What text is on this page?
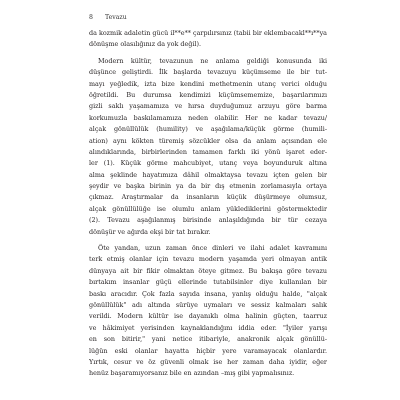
8 Tevazu
da kozmik adaletin gücü il**e** çarpılırsınız (tabii bir eklembacakl**ı**ya
dönüşme olasılığınız da yok değil).
Modern kültür, tevazunun ne anlama geldiği konusunda iki
düşünce geliştirdi. İlk başlarda tevazuyu küçümseme ile bir tut-
mayı yeğledik, izta bize kendini methetmenin utanç verici olduğu
öğretildi. Bu durumsa kendimizi küçümsememize, başarılarımızı
gizli saklı yaşamamıza ve hırsa duyduğumuz arzuyu göre barma
korkumuzla baskılamamıza neden olabilir. Her ne kadar tevazu/
alçak gönüllülük (humility) ve aşağılama/küçük görme (humili-
ation) aynı kökten türemiş sözcükler olsa da anlam açısından ele
alındıklarında, birbirlerinden tamamen farklı iki yönü işaret eder-
ler (1). Küçük görme mahcubiyet, utanç veya boyunduruk altına
alma şeklinde hayatımıza dâhil olmaktaysa tevazu içten gelen bir
şeydir ve başka birinin ya da bir dış etmenin zorlamasıyla ortaya
çıkmaz. Araştırmalar da insanların küçük düşürmeye olumsuz,
alçak gönüllülüğe ise olumlu anlam yüklediklerini göstermektedir
(2). Tevazu aşağılanmış birisinde anlaşıldığında bir tür cezaya
dönüşür ve ağırda ekşi bir tat bırakır.
Öte yandan, uzun zaman önce dinleri ve ilahi adalet kavramını
terk etmiş olanlar için tevazu modern yaşamda yeri olmayan antik
dünyaya ait bir fikir olmaktan öteye gitmez. Bu bakışa göre tevazu
bırtakım insanlar güçü ellerinde tutabilsinler diye kullanılan bir
baskı aracıdır. Çok fazla sayıda insana, yanlış olduğu halde, "alçak
gönüllülük" adı altında sürüye uymaları ve sessiz kalmaları salık
verildi. Modern kültür ise dayanıklı olma halinin güçten, taarruz
ve hâkimiyet yerisinden kaynaklandığını iddia eder. "İyiler yarışı
en son bitirir," yani netice itibariyle, anakronik alçak gönüllü-
lüğün eski olanlar hayatta hiçbir yere varamayacak olanlardır.
Yırtık, cesur ve öz güvenli olmak ise her zaman daha iyidir, eğer
henüz başaramıyorsanız bile en azından –mış gibi yapmalısınız.
